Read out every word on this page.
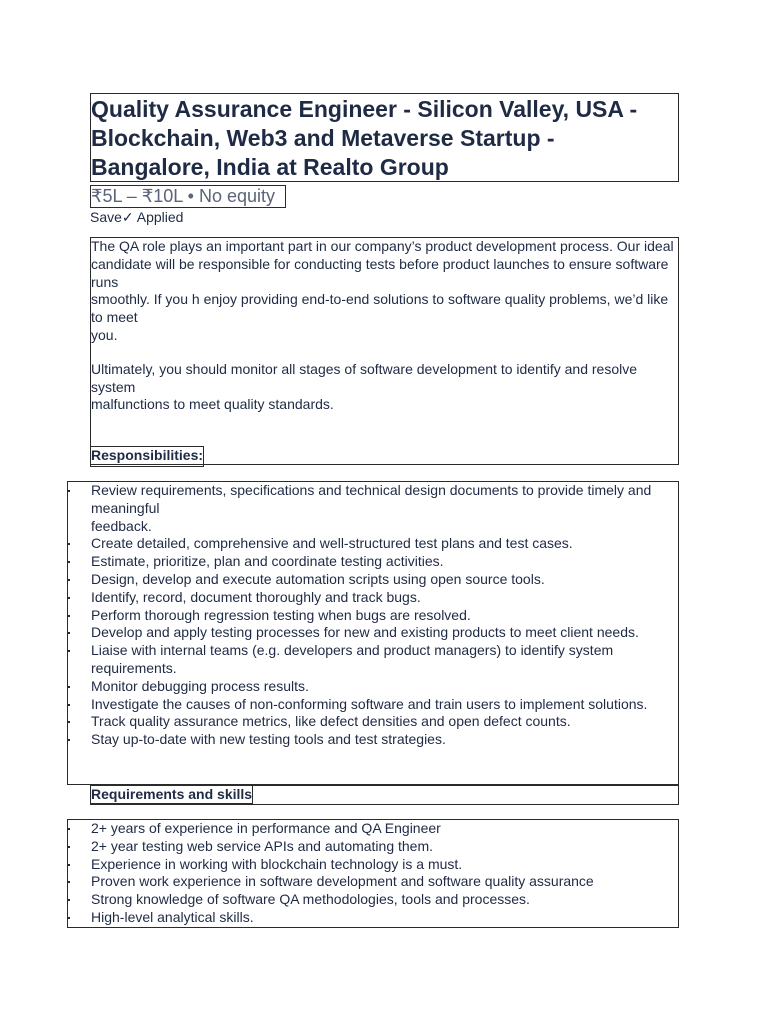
Quality Assurance Engineer - Silicon Valley, USA - Blockchain, Web3 and Metaverse Startup - Bangalore, India at Realto Group
₹5L – ₹10L • No equity
Save✓ Applied

The QA role plays an important part in our company’s product development process. Our ideal
candidate will be responsible for conducting tests before product launches to ensure software runs
smoothly. If you h enjoy providing end-to-end solutions to software quality problems, we’d like to meet
you.

Ultimately, you should monitor all stages of software development to identify and resolve system
malfunctions to meet quality standards.

Responsibilities:
Review requirements, specifications and technical design documents to provide timely and meaningful
feedback.
Create detailed, comprehensive and well-structured test plans and test cases.
Estimate, prioritize, plan and coordinate testing activities.
Design, develop and execute automation scripts using open source tools.
Identify, record, document thoroughly and track bugs.
Perform thorough regression testing when bugs are resolved.
Develop and apply testing processes for new and existing products to meet client needs.
Liaise with internal teams (e.g. developers and product managers) to identify system requirements.
Monitor debugging process results.
Investigate the causes of non-conforming software and train users to implement solutions.
Track quality assurance metrics, like defect densities and open defect counts.
Stay up-to-date with new testing tools and test strategies.
Requirements and skills
2+ years of experience in performance and QA Engineer
2+ year testing web service APIs and automating them.
Experience in working with blockchain technology is a must.
Proven work experience in software development and software quality assurance
Strong knowledge of software QA methodologies, tools and processes.
High-level analytical skills.
